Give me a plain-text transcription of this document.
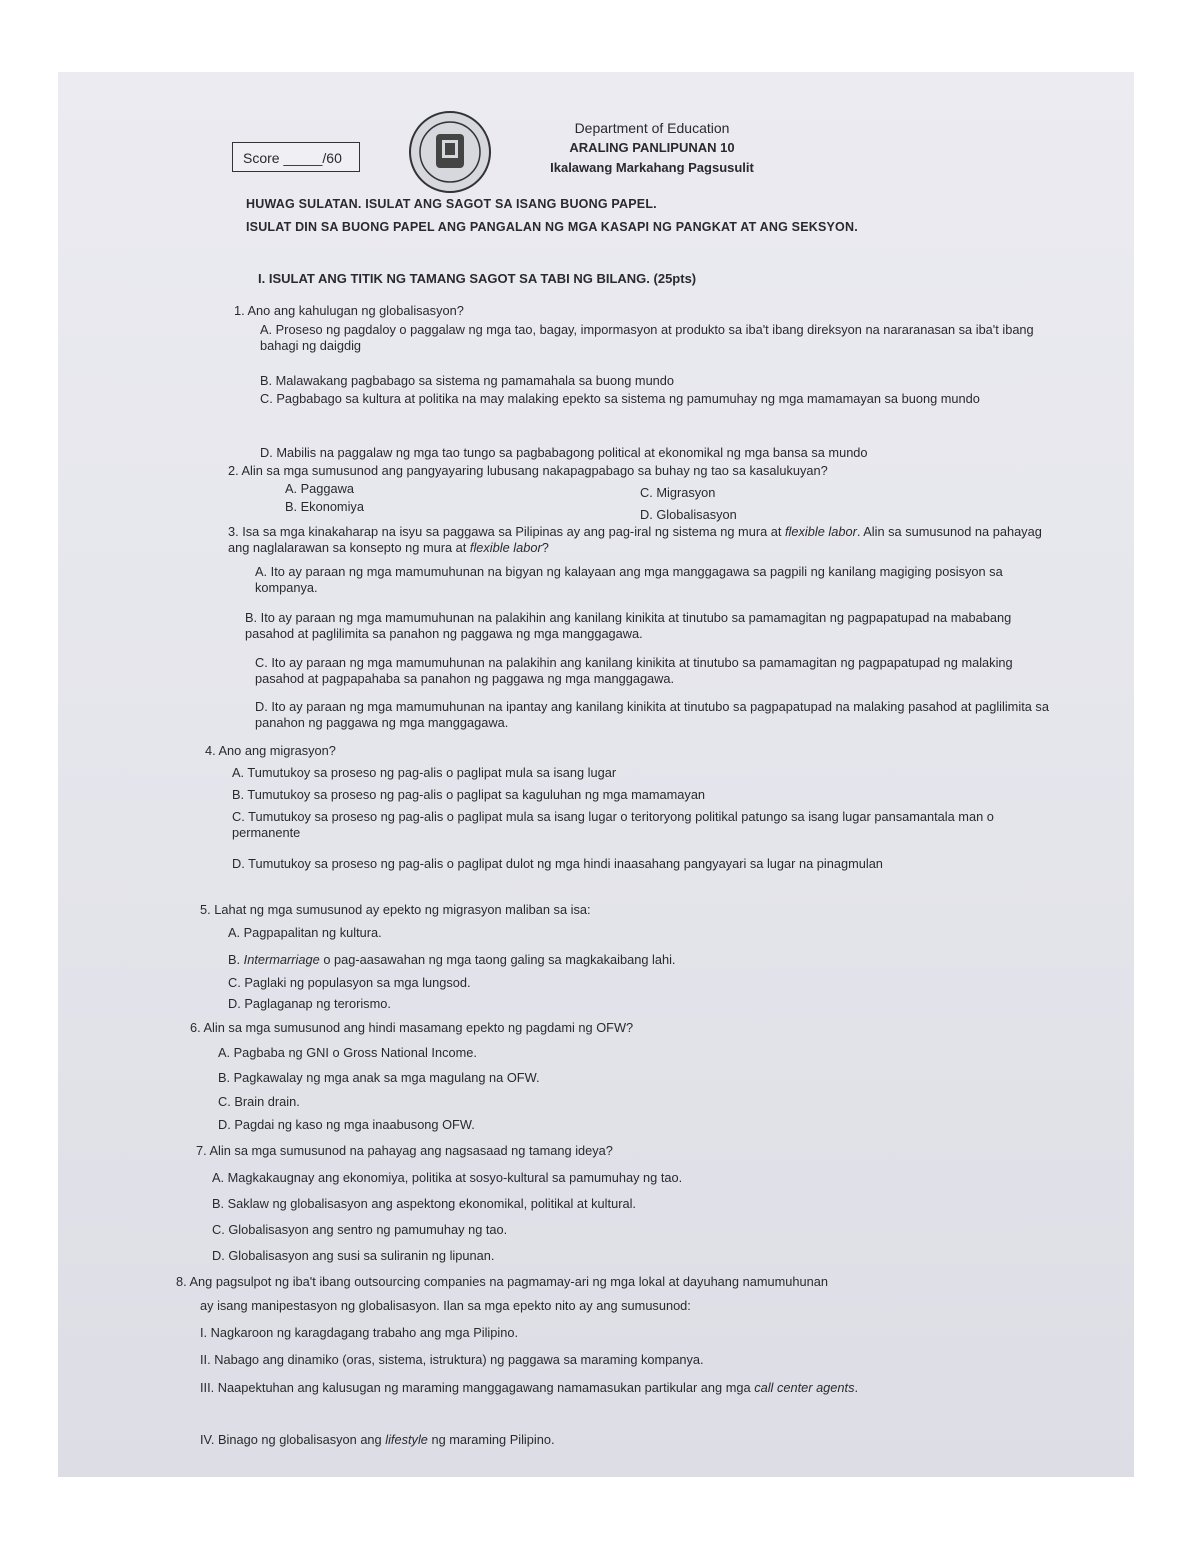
Score _____/60
Department of Education
ARALING PANLIPUNAN 10
Ikalawang Markahang Pagsusulit
HUWAG SULATAN. ISULAT ANG SAGOT SA ISANG BUONG PAPEL.
ISULAT DIN SA BUONG PAPEL ANG PANGALAN NG MGA KASAPI NG PANGKAT AT ANG SEKSYON.
I. ISULAT ANG TITIK NG TAMANG SAGOT SA TABI NG BILANG. (25pts)
1. Ano ang kahulugan ng globalisasyon?
A. Proseso ng pagdaloy o paggalaw ng mga tao, bagay, impormasyon at produkto sa iba't ibang direksyon na nararanasan sa iba't ibang bahagi ng daigdig
B. Malawakang pagbabago sa sistema ng pamamahala sa buong mundo
C. Pagbabago sa kultura at politika na may malaking epekto sa sistema ng pamumuhay ng mga mamamayan sa buong mundo
D. Mabilis na paggalaw ng mga tao tungo sa pagbabagong political at ekonomikal ng mga bansa sa mundo
2. Alin sa mga sumusunod ang pangyayaring lubusang nakapagpabago sa buhay ng tao sa kasalukuyan?
A. Paggawa
B. Ekonomiya
C. Migrasyon
D. Globalisasyon
3. Isa sa mga kinakaharap na isyu sa paggawa sa Pilipinas ay ang pag-iral ng sistema ng mura at flexible labor. Alin sa sumusunod na pahayag ang naglalarawan sa konsepto ng mura at flexible labor?
A. Ito ay paraan ng mga mamumuhunan na bigyan ng kalayaan ang mga manggagawa sa pagpili ng kanilang magiging posisyon sa kompanya.
B. Ito ay paraan ng mga mamumuhunan na palakihin ang kanilang kinikita at tinutubo sa pamamagitan ng pagpapatupad na mababang pasahod at paglilimita sa panahon ng paggawa ng mga manggagawa.
C. Ito ay paraan ng mga mamumuhunan na palakihin ang kanilang kinikita at tinutubo sa pamamagitan ng pagpapatupad ng malaking pasahod at pagpapahaba sa panahon ng paggawa ng mga manggagawa.
D. Ito ay paraan ng mga mamumuhunan na ipantay ang kanilang kinikita at tinutubo sa pagpapatupad na malaking pasahod at paglilimita sa panahon ng paggawa ng mga manggagawa.
4. Ano ang migrasyon?
A. Tumutukoy sa proseso ng pag-alis o paglipat mula sa isang lugar
B. Tumutukoy sa proseso ng pag-alis o paglipat sa kaguluhan ng mga mamamayan
C. Tumutukoy sa proseso ng pag-alis o paglipat mula sa isang lugar o teritoryong politikal patungo sa isang lugar pansamantala man o permanente
D. Tumutukoy sa proseso ng pag-alis o paglipat dulot ng mga hindi inaasahang pangyayari sa lugar na pinagmulan
5. Lahat ng mga sumusunod ay epekto ng migrasyon maliban sa isa:
A. Pagpapalitan ng kultura.
B. Intermarriage o pag-aasawahan ng mga taong galing sa magkakaibang lahi.
C. Paglaki ng populasyon sa mga lungsod.
D. Paglaganap ng terorismo.
6. Alin sa mga sumusunod ang hindi masamang epekto ng pagdami ng OFW?
A. Pagbaba ng GNI o Gross National Income.
B. Pagkawalay ng mga anak sa mga magulang na OFW.
C. Brain drain.
D. Pagdai ng kaso ng mga inaabusong OFW.
7. Alin sa mga sumusunod na pahayag ang nagsasaad ng tamang ideya?
A. Magkakaugnay ang ekonomiya, politika at sosyo-kultural sa pamumuhay ng tao.
B. Saklaw ng globalisasyon ang aspektong ekonomikal, politikal at kultural.
C. Globalisasyon ang sentro ng pamumuhay ng tao.
D. Globalisasyon ang susi sa suliranin ng lipunan.
8. Ang pagsulpot ng iba't ibang outsourcing companies na pagmamay-ari ng mga lokal at dayuhang namumuhunan
ay isang manipestasyon ng globalisasyon. Ilan sa mga epekto nito ay ang sumusunod:
I. Nagkaroon ng karagdagang trabaho ang mga Pilipino.
II. Nabago ang dinamiko (oras, sistema, istruktura) ng paggawa sa maraming kompanya.
III. Naapektuhan ang kalusugan ng maraming manggagawang namamasukan partikular ang mga call center agents.
IV. Binago ng globalisasyon ang lifestyle ng maraming Pilipino.
